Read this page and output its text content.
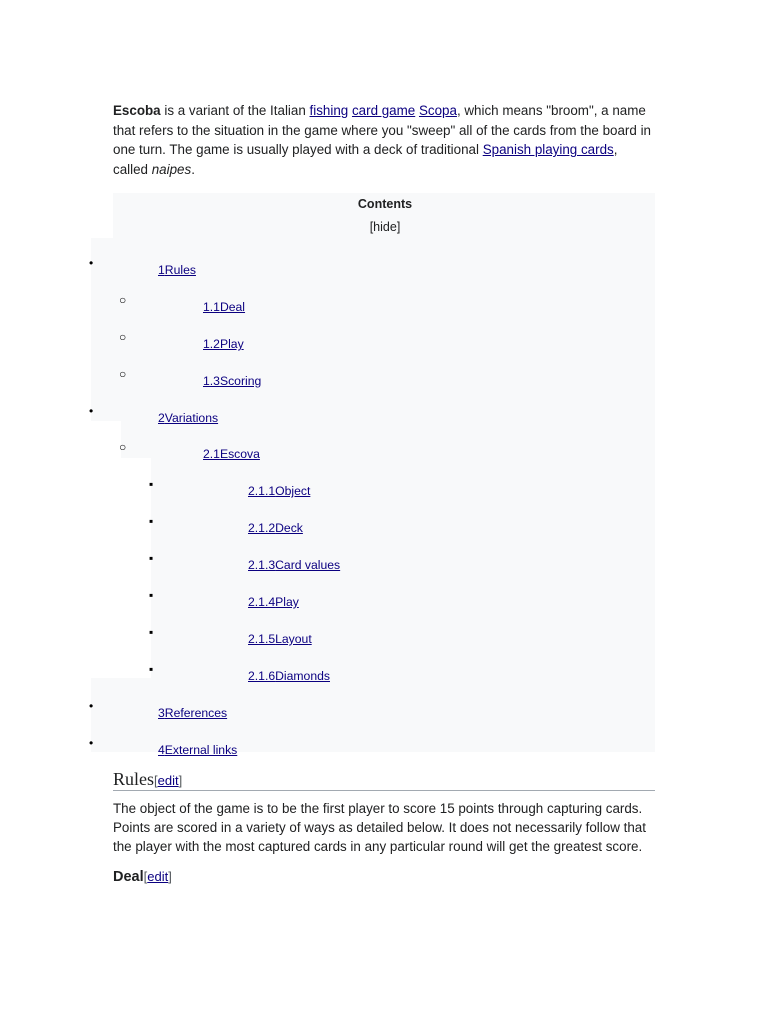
Escoba is a variant of the Italian fishing card game Scopa, which means "broom", a name that refers to the situation in the game where you "sweep" all of the cards from the board in one turn. The game is usually played with a deck of traditional Spanish playing cards, called naipes.

Contents
[hide]
•	1Rules
○	1.1Deal
○	1.2Play
○	1.3Scoring
•	2Variations
○	2.1Escova
▪	2.1.1Object
▪	2.1.2Deck
▪	2.1.3Card values
▪	2.1.4Play
▪	2.1.5Layout
▪	2.1.6Diamonds
•	3References
•	4External links
Rules[edit]

The object of the game is to be the first player to score 15 points through capturing cards. Points are scored in a variety of ways as detailed below. It does not necessarily follow that the player with the most captured cards in any particular round will get the greatest score.

Deal[edit]
